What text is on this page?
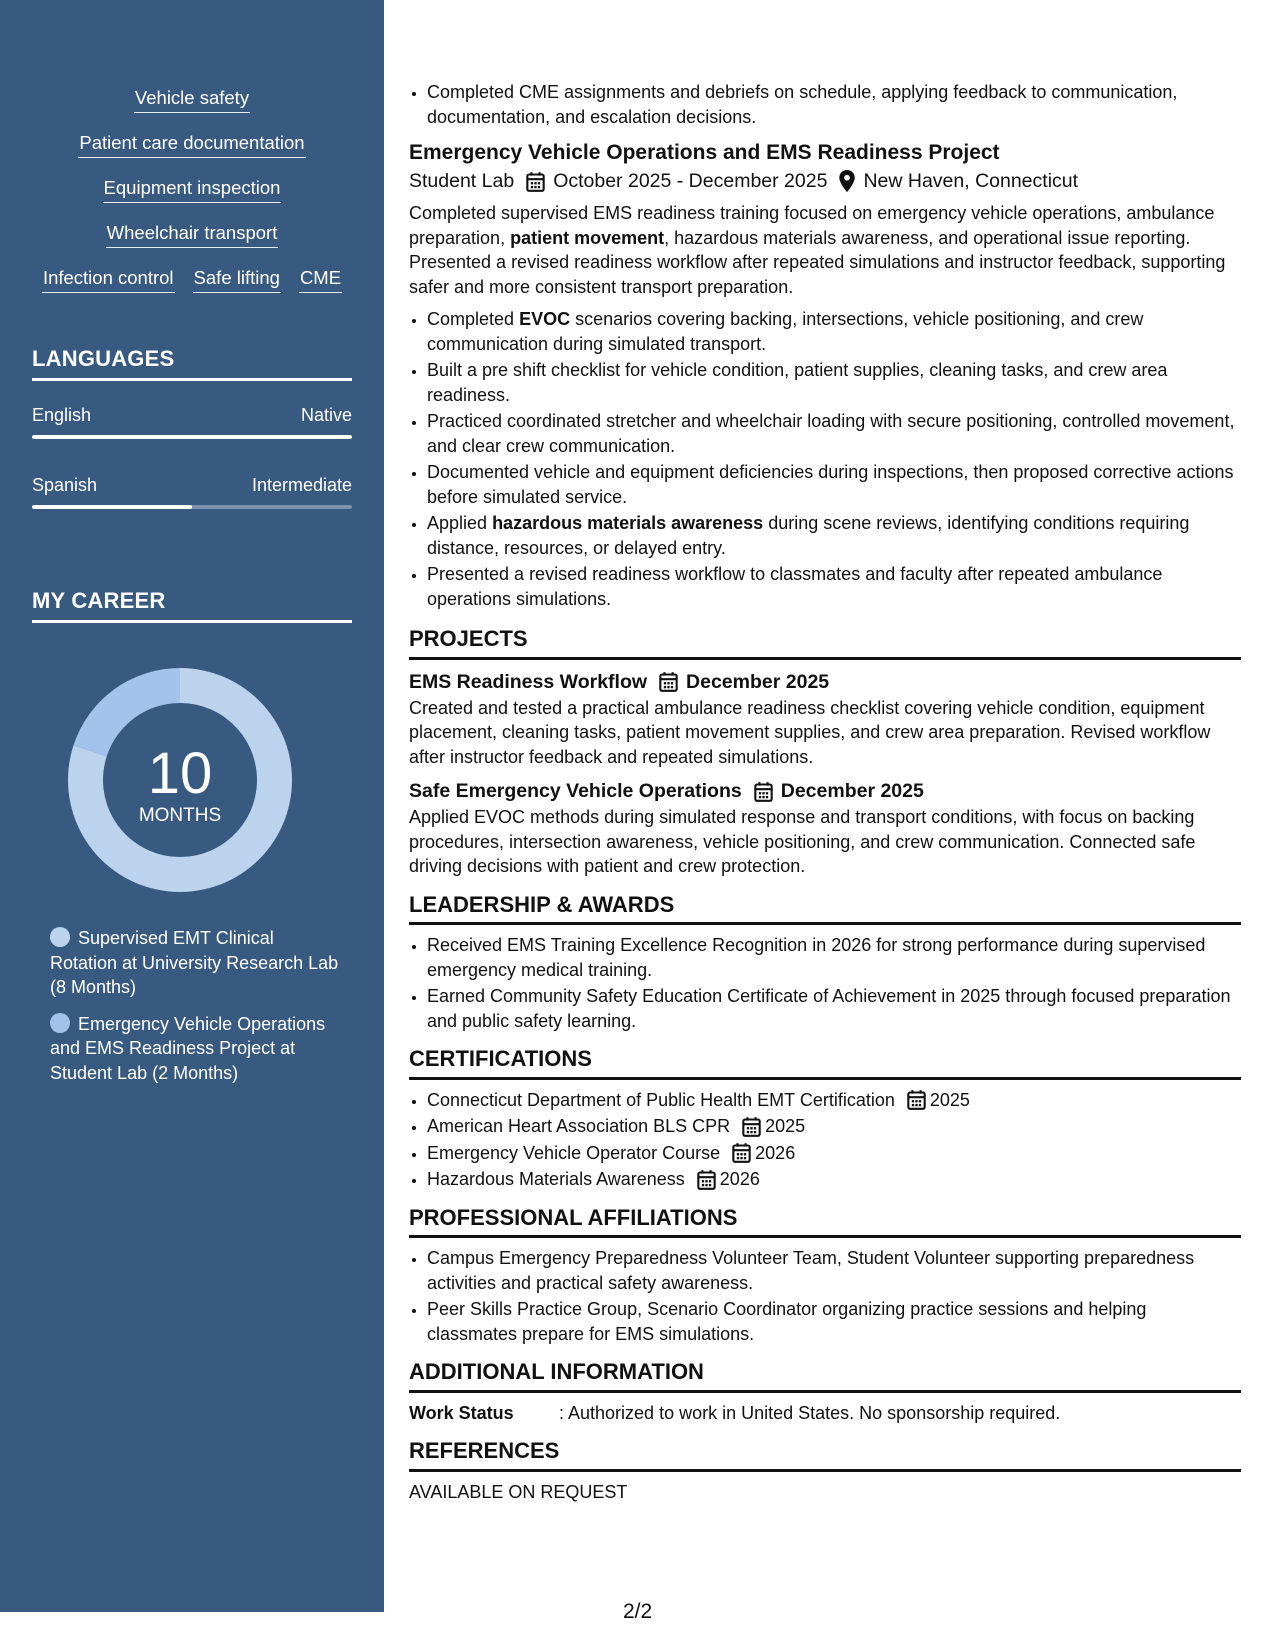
Vehicle safety
Patient care documentation
Equipment inspection
Wheelchair transport
Infection control Safe lifting CME
LANGUAGES
English	Native
Spanish	Intermediate
MY CAREER
10
MONTHS
Supervised EMT Clinical Rotation at University Research Lab (8 Months)
Emergency Vehicle Operations and EMS Readiness Project at Student Lab (2 Months)
• Completed CME assignments and debriefs on schedule, applying feedback to communication, documentation, and escalation decisions.
Emergency Vehicle Operations and EMS Readiness Project
Student Lab October 2025 - December 2025 New Haven, Connecticut
Completed supervised EMS readiness training focused on emergency vehicle operations, ambulance preparation, patient movement, hazardous materials awareness, and operational issue reporting. Presented a revised readiness workflow after repeated simulations and instructor feedback, supporting safer and more consistent transport preparation.
• Completed EVOC scenarios covering backing, intersections, vehicle positioning, and crew communication during simulated transport.
• Built a pre shift checklist for vehicle condition, patient supplies, cleaning tasks, and crew area readiness.
• Practiced coordinated stretcher and wheelchair loading with secure positioning, controlled movement, and clear crew communication.
• Documented vehicle and equipment deficiencies during inspections, then proposed corrective actions before simulated service.
• Applied hazardous materials awareness during scene reviews, identifying conditions requiring distance, resources, or delayed entry.
• Presented a revised readiness workflow to classmates and faculty after repeated ambulance operations simulations.
PROJECTS
EMS Readiness Workflow December 2025
Created and tested a practical ambulance readiness checklist covering vehicle condition, equipment placement, cleaning tasks, patient movement supplies, and crew area preparation. Revised workflow after instructor feedback and repeated simulations.
Safe Emergency Vehicle Operations December 2025
Applied EVOC methods during simulated response and transport conditions, with focus on backing procedures, intersection awareness, vehicle positioning, and crew communication. Connected safe driving decisions with patient and crew protection.
LEADERSHIP & AWARDS
• Received EMS Training Excellence Recognition in 2026 for strong performance during supervised emergency medical training.
• Earned Community Safety Education Certificate of Achievement in 2025 through focused preparation and public safety learning.
CERTIFICATIONS
• Connecticut Department of Public Health EMT Certification 2025
• American Heart Association BLS CPR 2025
• Emergency Vehicle Operator Course 2026
• Hazardous Materials Awareness 2026
PROFESSIONAL AFFILIATIONS
• Campus Emergency Preparedness Volunteer Team, Student Volunteer supporting preparedness activities and practical safety awareness.
• Peer Skills Practice Group, Scenario Coordinator organizing practice sessions and helping classmates prepare for EMS simulations.
ADDITIONAL INFORMATION
Work Status	: Authorized to work in United States. No sponsorship required.
REFERENCES
AVAILABLE ON REQUEST
2/2
